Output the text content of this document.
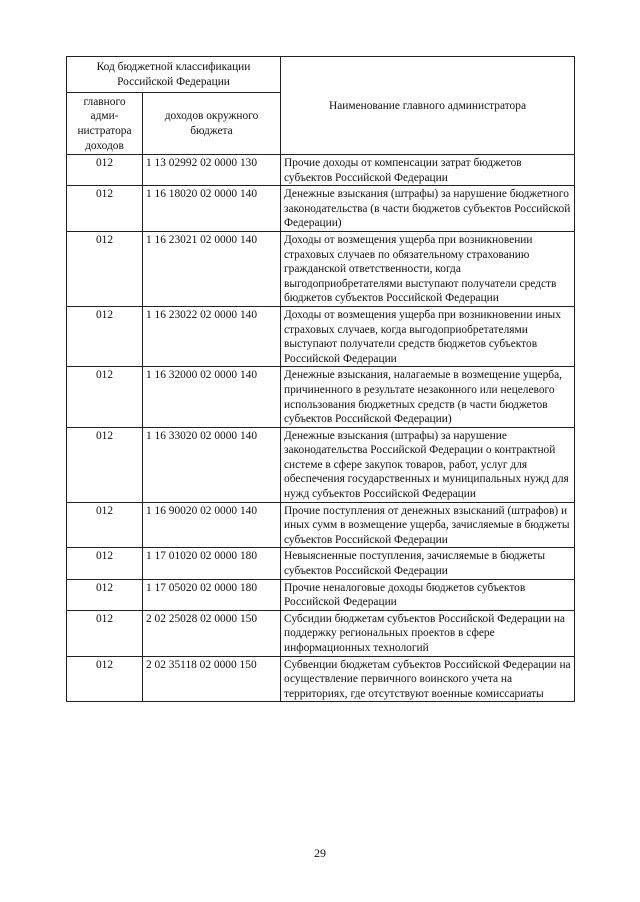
Код бюджетной классификации Российской Федерации		Наименование главного администратора
главного адми-нистратора доходов	доходов окружного бюджета	
012	1 13 02992 02 0000 130	Прочие доходы от компенсации затрат бюджетов субъектов Российской Федерации
012	1 16 18020 02 0000 140	Денежные взыскания (штрафы) за нарушение бюджетного законодательства (в части бюджетов субъектов Российской Федерации)
012	1 16 23021 02 0000 140	Доходы от возмещения ущерба при возникновении страховых случаев по обязательному страхованию гражданской ответственности, когда выгодоприобретателями выступают получатели средств бюджетов субъектов Российской Федерации
012	1 16 23022 02 0000 140	Доходы от возмещения ущерба при возникновении иных страховых случаев, когда выгодоприобретателями выступают получатели средств бюджетов субъектов Российской Федерации
012	1 16 32000 02 0000 140	Денежные взыскания, налагаемые в возмещение ущерба, причиненного в результате незаконного или нецелевого использования бюджетных средств (в части бюджетов субъектов Российской Федерации)
012	1 16 33020 02 0000 140	Денежные взыскания (штрафы) за нарушение законодательства Российской Федерации о контрактной системе в сфере закупок товаров, работ, услуг для обеспечения государственных и муниципальных нужд для нужд субъектов Российской Федерации
012	1 16 90020 02 0000 140	Прочие поступления от денежных взысканий (штрафов) и иных сумм в возмещение ущерба, зачисляемые в бюджеты субъектов Российской Федерации
012	1 17 01020 02 0000 180	Невыясненные поступления, зачисляемые в бюджеты субъектов Российской Федерации
012	1 17 05020 02 0000 180	Прочие неналоговые доходы бюджетов субъектов Российской Федерации
012	2 02 25028 02 0000 150	Субсидии бюджетам субъектов Российской Федерации на поддержку региональных проектов в сфере информационных технологий
012	2 02 35118 02 0000 150	Субвенции бюджетам субъектов Российской Федерации на осуществление первичного воинского учета на территориях, где отсутствуют военные комиссариаты
29
